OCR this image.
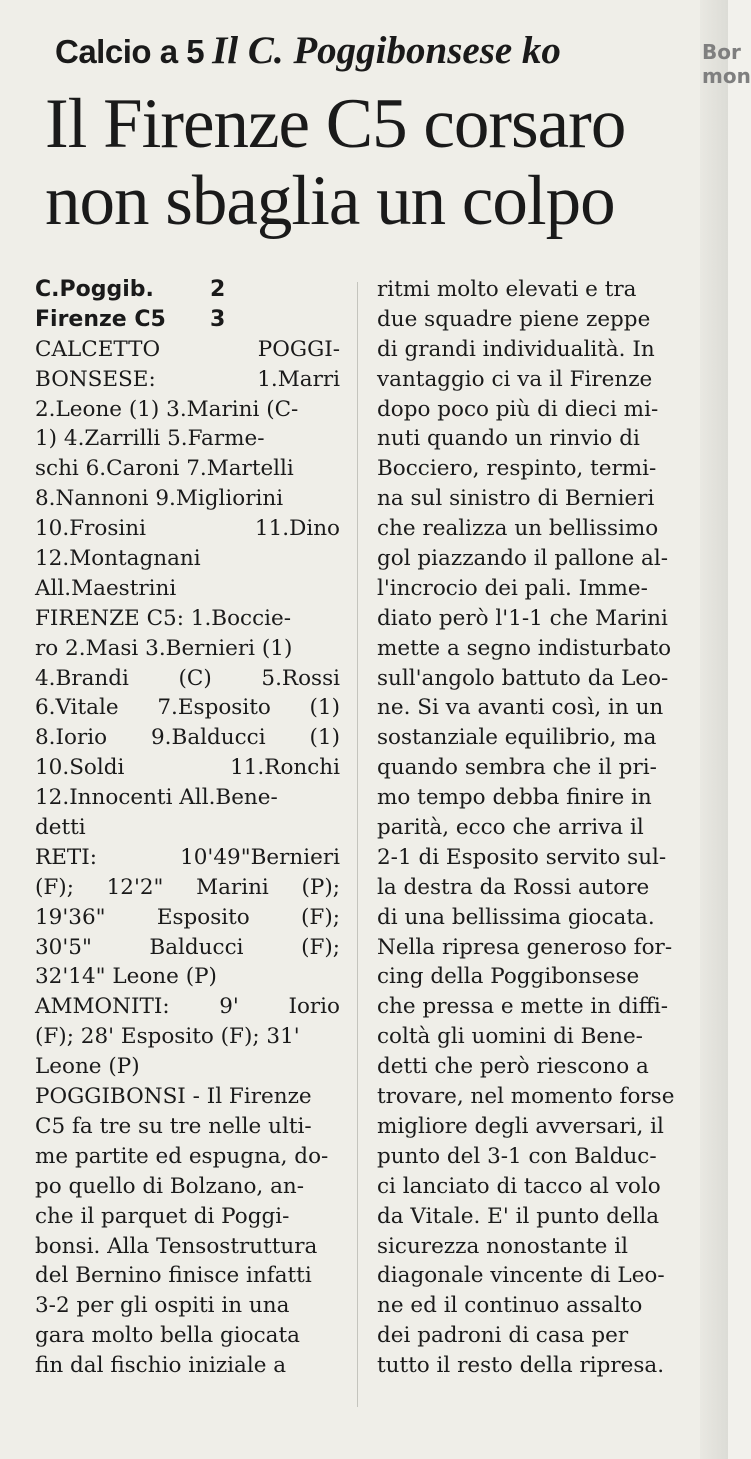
Bor
mon
Calcio a 5 Il C. Poggibonsese ko
Il Firenze C5 corsaro
non sbaglia un colpo
C.Poggib.	2
Firenze C5 3
CALCETTO	POGGI-
BONSESE:	1.Marri
2.Leone (1) 3.Marini (C-
1) 4.Zarrilli 5.Farme-
schi 6.Caroni 7.Martelli
8.Nannoni 9.Migliorini
10.Frosini	11.Dino
12.Montagnani
All.Maestrini
FIRENZE C5: 1.Boccie-
ro 2.Masi 3.Bernieri (1)
4.Brandi (C) 5.Rossi
6.Vitale 7.Esposito (1)
8.Iorio 9.Balducci (1)
10.Soldi	11.Ronchi
12.Innocenti All.Bene-
detti
RETI:	10'49"Bernieri
(F); 12'2" Marini (P);
19'36" Esposito (F);
30'5"	Balducci	(F);
32'14" Leone (P)
AMMONITI: 9' Iorio
(F); 28' Esposito (F); 31'
Leone (P)
POGGIBONSI - Il Firenze
C5 fa tre su tre nelle ulti-
me partite ed espugna, do-
po quello di Bolzano, an-
che il parquet di Poggi-
bonsi. Alla Tensostruttura
del Bernino finisce infatti
3-2 per gli ospiti in una
gara molto bella giocata
fin dal fischio iniziale a
ritmi molto elevati e tra
due squadre piene zeppe
di grandi individualità. In
vantaggio ci va il Firenze
dopo poco più di dieci mi-
nuti quando un rinvio di
Bocciero, respinto, termi-
na sul sinistro di Bernieri
che realizza un bellissimo
gol piazzando il pallone al-
l'incrocio dei pali. Imme-
diato però l'1-1 che Marini
mette a segno indisturbato
sull'angolo battuto da Leo-
ne. Si va avanti così, in un
sostanziale equilibrio, ma
quando sembra che il pri-
mo tempo debba finire in
parità, ecco che arriva il
2-1 di Esposito servito sul-
la destra da Rossi autore
di una bellissima giocata.
Nella ripresa generoso for-
cing della Poggibonsese
che pressa e mette in diffi-
coltà gli uomini di Bene-
detti che però riescono a
trovare, nel momento forse
migliore degli avversari, il
punto del 3-1 con Balduc-
ci lanciato di tacco al volo
da Vitale. E' il punto della
sicurezza nonostante il
diagonale vincente di Leo-
ne ed il continuo assalto
dei padroni di casa per
tutto il resto della ripresa.
